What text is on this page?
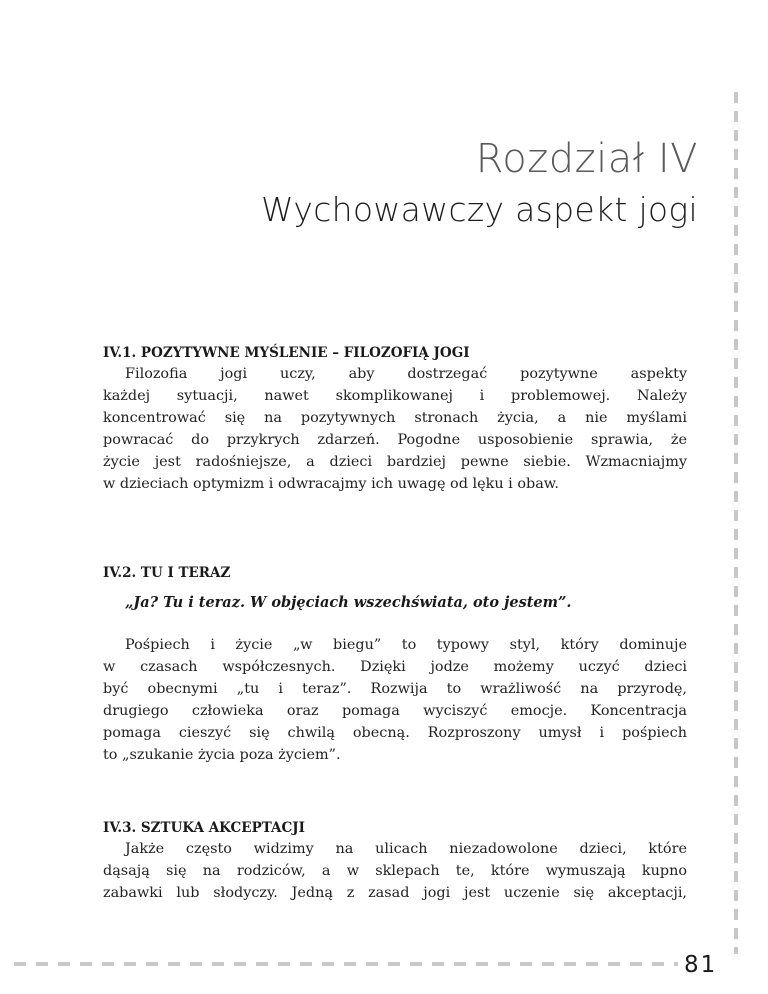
Rozdział IV
Wychowawczy aspekt jogi
IV.1. POZYTYWNE MYŚLENIE – FILOZOFIĄ JOGI
Filozofia jogi uczy, aby dostrzegać pozytywne aspekty
każdej sytuacji, nawet skomplikowanej i problemowej. Należy
koncentrować się na pozytywnych stronach życia, a nie myślami
powracać do przykrych zdarzeń. Pogodne usposobienie sprawia, że
życie jest radośniejsze, a dzieci bardziej pewne siebie. Wzmacniajmy
w dzieciach optymizm i odwracajmy ich uwagę od lęku i obaw.
IV.2. TU I TERAZ
„Ja? Tu i teraz. W objęciach wszechświata, oto jestem”.
Pośpiech i życie „w biegu” to typowy styl, który dominuje
w czasach współczesnych. Dzięki jodze możemy uczyć dzieci
być obecnymi „tu i teraz”. Rozwija to wrażliwość na przyrodę,
drugiego człowieka oraz pomaga wyciszyć emocje. Koncentracja
pomaga cieszyć się chwilą obecną. Rozproszony umysł i pośpiech
to „szukanie życia poza życiem”.
IV.3. SZTUKA AKCEPTACJI
Jakże często widzimy na ulicach niezadowolone dzieci, które
dąsają się na rodziców, a w sklepach te, które wymuszają kupno
zabawki lub słodyczy. Jedną z zasad jogi jest uczenie się akceptacji,
81
